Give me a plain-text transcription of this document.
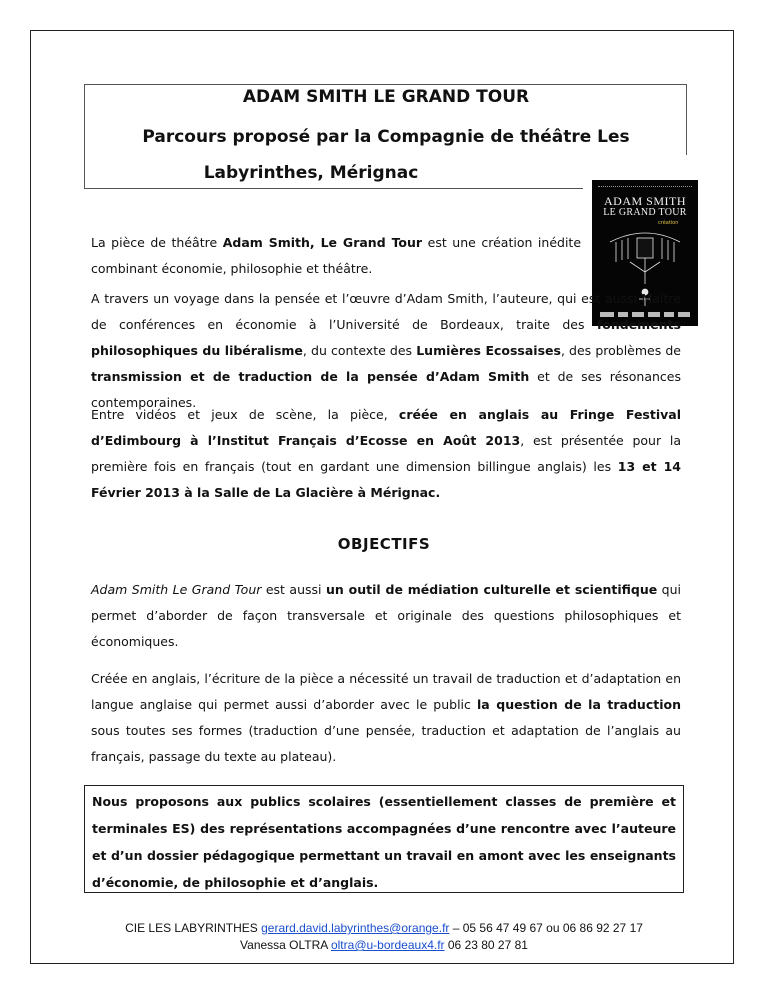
ADAM SMITH LE GRAND TOUR
Parcours proposé par la Compagnie de théâtre Les
Labyrinthes, Mérignac
ADAM SMITH
LE GRAND TOUR
création

La pièce de théâtre Adam Smith, Le Grand Tour est une création inédite combinant économie, philosophie et théâtre.

A travers un voyage dans la pensée et l’œuvre d’Adam Smith, l’auteure, qui est aussi Maître de conférences en économie à l’Université de Bordeaux, traite des fondements philosophiques du libéralisme, du contexte des Lumières Ecossaises, des problèmes de transmission et de traduction de la pensée d’Adam Smith et de ses résonances contemporaines.

Entre vidéos et jeux de scène, la pièce, créée en anglais au Fringe Festival d’Edimbourg à l’Institut Français d’Ecosse en Août 2013, est présentée pour la première fois en français (tout en gardant une dimension billingue anglais) les 13 et 14 Février 2013 à la Salle de La Glacière à Mérignac.

OBJECTIFS

Adam Smith Le Grand Tour est aussi un outil de médiation culturelle et scientifique qui permet d’aborder de façon transversale et originale des questions philosophiques et économiques.

Créée en anglais, l’écriture de la pièce a nécessité un travail de traduction et d’adaptation en langue anglaise qui permet aussi d’aborder avec le public la question de la traduction sous toutes ses formes (traduction d’une pensée, traduction et adaptation de l’anglais au français, passage du texte au plateau).

Nous proposons aux publics scolaires (essentiellement classes de première et terminales ES) des représentations accompagnées d’une rencontre avec l’auteure et d’un dossier pédagogique permettant un travail en amont avec les enseignants d’économie, de philosophie et d’anglais.

CIE LES LABYRINTHES gerard.david.labyrinthes@orange.fr – 05 56 47 49 67 ou 06 86 92 27 17
Vanessa OLTRA oltra@u-bordeaux4.fr 06 23 80 27 81
